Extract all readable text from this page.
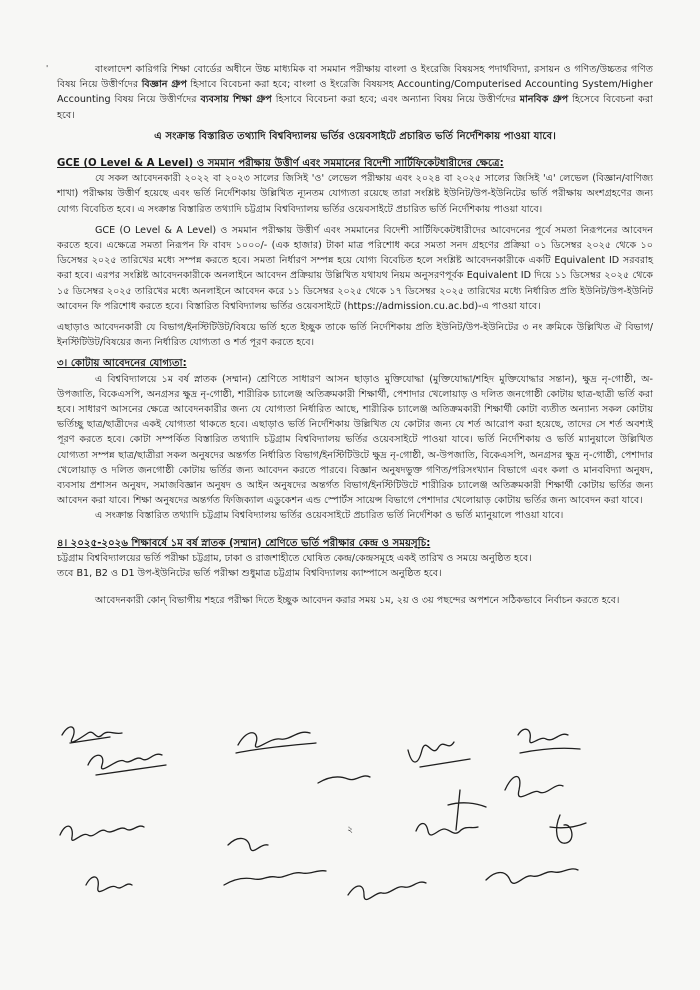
'	বাংলাদেশ কারিগরি শিক্ষা বোর্ডের অধীনে উচ্চ মাধ্যমিক বা সমমান পরীক্ষায় বাংলা ও ইংরেজি বিষয়সহ পদার্থবিদ্যা, রসায়ন ও গণিত/উচ্চতর গণিত বিষয় নিয়ে উত্তীর্ণদের বিজ্ঞান গ্রুপ হিসাবে বিবেচনা করা হবে; বাংলা ও ইংরেজি বিষয়সহ Accounting/Computerised Accounting System/Higher Accounting বিষয় নিয়ে উত্তীর্ণদের ব্যবসায় শিক্ষা গ্রুপ হিসাবে বিবেচনা করা হবে; এবং অন্যান্য বিষয় নিয়ে উত্তীর্ণদের মানবিক গ্রুপ হিসেবে বিবেচনা করা হবে।

এ সংক্রান্ত বিস্তারিত তথ্যাদি বিশ্ববিদ্যালয় ভর্তির ওয়েবসাইটে প্রচারিত ভর্তি নির্দেশিকায় পাওয়া যাবে।

GCE (O Level & A Level) ও সমমান পরীক্ষায় উত্তীর্ণ এবং সমমানের বিদেশী সার্টিফিকেটধারীদের ক্ষেত্রে:

যে সকল আবেদনকারী ২০২২ বা ২০২৩ সালের জিসিই 'ও' লেভেল পরীক্ষায় এবং ২০২৪ বা ২০২৫ সালের জিসিই 'এ' লেভেল (বিজ্ঞান/বাণিজ্য শাখা) পরীক্ষায় উত্তীর্ণ হয়েছে এবং ভর্তি নির্দেশিকায় উল্লিখিত ন্যূনতম যোগ্যতা রয়েছে তারা সংশ্লিষ্ট ইউনিট/উপ-ইউনিটের ভর্তি পরীক্ষায় অংশগ্রহণের জন্য যোগ্য বিবেচিত হবে। এ সংক্রান্ত বিস্তারিত তথ্যাদি চট্টগ্রাম বিশ্ববিদ্যালয় ভর্তির ওয়েবসাইটে প্রচারিত ভর্তি নির্দেশিকায় পাওয়া যাবে।

GCE (O Level & A Level) ও সমমান পরীক্ষায় উত্তীর্ণ এবং সমমানের বিদেশী সার্টিফিকেটধারীদের আবেদনের পূর্বে সমতা নিরূপনের আবেদন করতে হবে। এক্ষেত্রে সমতা নিরূপন ফি বাবদ ১০০০/- (এক হাজার) টাকা মাত্র পরিশোধ করে সমতা সনদ গ্রহণের প্রক্রিয়া ০১ ডিসেম্বর ২০২৫ থেকে ১০ ডিসেম্বর ২০২৫ তারিখের মধ্যে সম্পন্ন করতে হবে। সমতা নির্ধারণ সম্পন্ন হয়ে যোগ্য বিবেচিত হলে সংশ্লিষ্ট আবেদনকারীকে একটি Equivalent ID সরবরাহ করা হবে। এরপর সংশ্লিষ্ট আবেদনকারীকে অনলাইনে আবেদন প্রক্রিয়ায় উল্লিখিত যথাযথ নিয়ম অনুসরণপূর্বক Equivalent ID দিয়ে ১১ ডিসেম্বর ২০২৫ থেকে ১৫ ডিসেম্বর ২০২৫ তারিখের মধ্যে অনলাইনে আবেদন করে ১১ ডিসেম্বর ২০২৫ থেকে ১৭ ডিসেম্বর ২০২৫ তারিখের মধ্যে নির্ধারিত প্রতি ইউনিট/উপ-ইউনিট আবেদন ফি পরিশোধ করতে হবে। বিস্তারিত বিশ্ববিদ্যালয় ভর্তির ওয়েবসাইটে (https://admission.cu.ac.bd)-এ পাওয়া যাবে।

এছাড়াও আবেদনকারী যে বিভাগ/ইনস্টিটিউট/বিষয়ে ভর্তি হতে ইচ্ছুক তাকে ভর্তি নির্দেশিকায় প্রতি ইউনিট/উপ-ইউনিটের ৩ নং ক্রমিকে উল্লিখিত ঐ বিভাগ/ইনস্টিটিউট/বিষয়ের জন্য নির্ধারিত যোগ্যতা ও শর্ত পূরণ করতে হবে।

৩। কোটায় আবেদনের যোগ্যতা:

এ বিশ্ববিদ্যালয়ে ১ম বর্ষ স্নাতক (সম্মান) শ্রেণিতে সাধারণ আসন ছাড়াও মুক্তিযোদ্ধা (মুক্তিযোদ্ধা/শহিদ মুক্তিযোদ্ধার সন্তান), ক্ষুদ্র নৃ-গোষ্ঠী, অ-উপজাতি, বিকেএসপি, অনগ্রসর ক্ষুদ্র নৃ-গোষ্ঠী, শারীরিক চ্যালেঞ্জ অতিক্রমকারী শিক্ষার্থী, পেশাদার খেলোয়াড় ও দলিত জনগোষ্ঠী কোটায় ছাত্র-ছাত্রী ভর্তি করা হবে। সাধারণ আসনের ক্ষেত্রে আবেদনকারীর জন্য যে যোগ্যতা নির্ধারিত আছে, শারীরিক চ্যালেঞ্জ অতিক্রমকারী শিক্ষার্থী কোটা ব্যতীত অন্যান্য সকল কোটায় ভর্তিচ্ছু ছাত্র/ছাত্রীদের একই যোগ্যতা থাকতে হবে। এছাড়াও ভর্তি নির্দেশিকায় উল্লিখিত যে কোটার জন্য যে শর্ত আরোপ করা হয়েছে, তাদের সে শর্ত অবশ্যই পূরণ করতে হবে। কোটা সম্পর্কিত বিস্তারিত তথ্যাদি চট্টগ্রাম বিশ্ববিদ্যালয় ভর্তির ওয়েবসাইটে পাওয়া যাবে। ভর্তি নির্দেশিকায় ও ভর্তি ম্যানুয়ালে উল্লিখিত যোগ্যতা সম্পন্ন ছাত্র/ছাত্রীরা সকল অনুষদের অন্তর্গত নির্ধারিত বিভাগ/ইনস্টিটিউটে ক্ষুদ্র নৃ-গোষ্ঠী, অ-উপজাতি, বিকেএসপি, অনগ্রসর ক্ষুদ্র নৃ-গোষ্ঠী, পেশাদার খেলোয়াড় ও দলিত জনগোষ্ঠী কোটায় ভর্তির জন্য আবেদন করতে পারবে। বিজ্ঞান অনুষদভুক্ত গণিত/পরিসংখ্যান বিভাগে এবং কলা ও মানববিদ্যা অনুষদ, ব্যবসায় প্রশাসন অনুষদ, সমাজবিজ্ঞান অনুষদ ও আইন অনুষদের অন্তর্গত বিভাগ/ইনস্টিটিউটে শারীরিক চ্যালেঞ্জ অতিক্রমকারী শিক্ষার্থী কোটায় ভর্তির জন্য আবেদন করা যাবে। শিক্ষা অনুষদের অন্তর্গত ফিজিক্যাল এডুকেশন এন্ড স্পোর্টস সায়েন্স বিভাগে পেশাদার খেলোয়াড় কোটায় ভর্তির জন্য আবেদন করা যাবে।

এ সংক্রান্ত বিস্তারিত তথ্যাদি চট্টগ্রাম বিশ্ববিদ্যালয় ভর্তির ওয়েবসাইটে প্রচারিত ভর্তি নির্দেশিকা ও ভর্তি ম্যানুয়ালে পাওয়া যাবে।

৪। ২০২৫-২০২৬ শিক্ষাবর্ষে ১ম বর্ষ স্নাতক (সম্মান) শ্রেণিতে ভর্তি পরীক্ষার কেন্দ্র ও সময়সূচি:

চট্টগ্রাম বিশ্ববিদ্যালয়ের ভর্তি পরীক্ষা চট্টগ্রাম, ঢাকা ও রাজশাহীতে ঘোষিত কেন্দ্র/কেন্দ্রসমূহে একই তারিখ ও সময়ে অনুষ্ঠিত হবে।

তবে B1, B2 ও D1 উপ-ইউনিটের ভর্তি পরীক্ষা শুধুমাত্র চট্টগ্রাম বিশ্ববিদ্যালয় ক্যাম্পাসে অনুষ্ঠিত হবে।

আবেদনকারী কোন্ বিভাগীয় শহরে পরীক্ষা দিতে ইচ্ছুক আবেদন করার সময় ১ম, ২য় ও ৩য় পছন্দের অপশনে সঠিকভাবে নির্বাচন করতে হবে।

২
